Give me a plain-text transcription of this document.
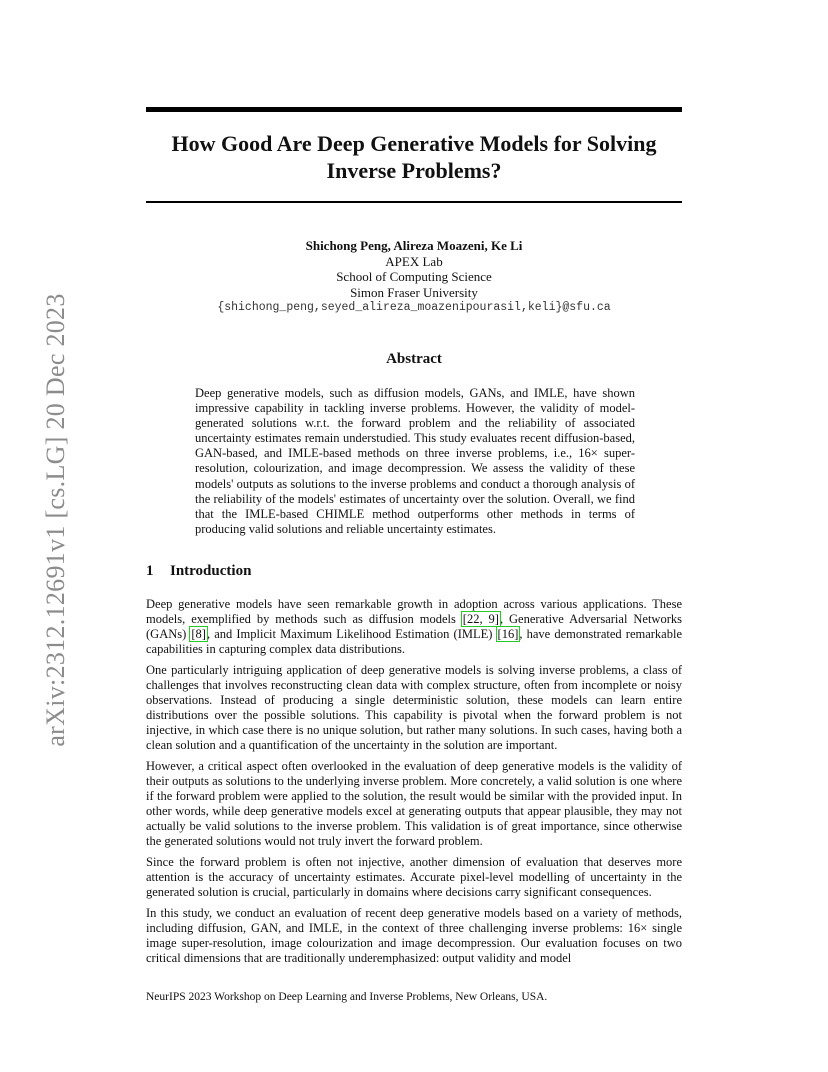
arXiv:2312.12691v1 [cs.LG] 20 Dec 2023
How Good Are Deep Generative Models for Solving Inverse Problems?
Shichong Peng, Alireza Moazeni, Ke Li
APEX Lab
School of Computing Science
Simon Fraser University
{shichong_peng,seyed_alireza_moazenipourasil,keli}@sfu.ca
Abstract

Deep generative models, such as diffusion models, GANs, and IMLE, have shown impressive capability in tackling inverse problems. However, the validity of model-generated solutions w.r.t. the forward problem and the reliability of associated uncertainty estimates remain understudied. This study evaluates recent diffusion-based, GAN-based, and IMLE-based methods on three inverse problems, i.e., 16× super-resolution, colourization, and image decompression. We assess the validity of these models' outputs as solutions to the inverse problems and conduct a thorough analysis of the reliability of the models' estimates of uncertainty over the solution. Overall, we find that the IMLE-based CHIMLE method outperforms other methods in terms of producing valid solutions and reliable uncertainty estimates.

1 Introduction

Deep generative models have seen remarkable growth in adoption across various applications. These models, exemplified by methods such as diffusion models [22, 9], Generative Adversarial Networks (GANs) [8], and Implicit Maximum Likelihood Estimation (IMLE) [16], have demonstrated remarkable capabilities in capturing complex data distributions.

One particularly intriguing application of deep generative models is solving inverse problems, a class of challenges that involves reconstructing clean data with complex structure, often from incomplete or noisy observations. Instead of producing a single deterministic solution, these models can learn entire distributions over the possible solutions. This capability is pivotal when the forward problem is not injective, in which case there is no unique solution, but rather many solutions. In such cases, having both a clean solution and a quantification of the uncertainty in the solution are important.

However, a critical aspect often overlooked in the evaluation of deep generative models is the validity of their outputs as solutions to the underlying inverse problem. More concretely, a valid solution is one where if the forward problem were applied to the solution, the result would be similar with the provided input. In other words, while deep generative models excel at generating outputs that appear plausible, they may not actually be valid solutions to the inverse problem. This validation is of great importance, since otherwise the generated solutions would not truly invert the forward problem.

Since the forward problem is often not injective, another dimension of evaluation that deserves more attention is the accuracy of uncertainty estimates. Accurate pixel-level modelling of uncertainty in the generated solution is crucial, particularly in domains where decisions carry significant consequences.

In this study, we conduct an evaluation of recent deep generative models based on a variety of methods, including diffusion, GAN, and IMLE, in the context of three challenging inverse problems: 16× single image super-resolution, image colourization and image decompression. Our evaluation focuses on two critical dimensions that are traditionally underemphasized: output validity and model

NeurIPS 2023 Workshop on Deep Learning and Inverse Problems, New Orleans, USA.
